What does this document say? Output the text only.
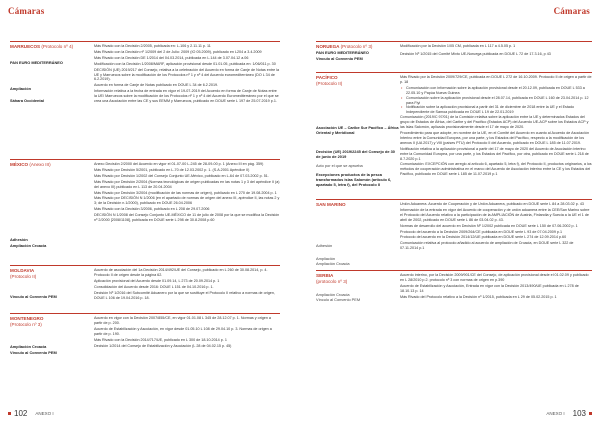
Cámaras	Cámaras
MARRUECOS (Protocolo nº 4)
PAN EURO MEDITERRÁNEO
Ampliación
Sáhara Occidental
Más Rivado con la Decisión 2/2005, publicada en: L-106 y 2.11.11 p. 11
Más Rivado con la Decisión nº 1/2009 del 2 de Julio: 2009 (IO 05.2009), publicado en L204 a 3.4.2009
Más Rivado con la Decisión DE 1/2014 del 04.03.2014, publicada en L.144 de 3.07.04.12 a.06
Modificación con la Decisión 1/2008/MARF, aplicación provisional desde 01.01.05, publicada en: 1/06/011 p. 30
DECISIÓN (UE) 2019/217 del Consejo, relativa a la celebración del Acuerdo en forma de Canje de Notas entre la UE y Marruecos sobre la modificación de los Protocolos nº 1 y nº 4 del Acuerdo euromediterráneo (DO L 34 de 6.2.2019).
Acuerdo en forma de Canje de Notas publicado en DOUE L 34 de 6.2.2019.
Información relativa a la fecha de entrada en vigor el 19-07-2019 del Acuerdo en forma de Canje de Notas entre la UE/ Marruecos sobre la modificación de los Protocolos nº 1 y nº 4 del Acuerdo Euromediterráneo por el que se crea una Asociación entre las CE y sus EEMM y Marruecos, publicado en DOUE serie L 197 de 25.07.2019 p.1.
MÉXICO (Anexo III)
Adhesión
Ampliación Croacia
Anexo Decisión 2/2000 del Acuerdo en vigor el 01-07-00 L-245 de 28-09-00 p. 1 (Anexo III en pág. 359)
Más Rivado por Decisión 5/2001, publicado en L-70 de 12.03.2002 p. 1. (S.A.2001 Apéndice II)
Más Rivado por Decisión 1/2002 del Consejo Conjunto UE-México, publicado en L-64 de 07.03.2002 p. 51.
Más Rivado por Decisión 2/2004 (Normas tecnológicas de origen publicadas en las notas 1 y 3 del apéndice II (a) del anexo III) publicado en L 113 de 20.04.2004
Más Rivado por Decisión 3/2004 (modificación de las normas de origen), publicado en L 270 de 19.08.2004 p. 1
Más Rivado por DECISIÓN N 1/2006 (en el apartado de normas de origen del anexo III, apéndice II, las notas 2 y 3; de la Decisión n.1/2000), publicado en DOUE 26.04.2006
Más Rivado con la Decisión 3/2006, publicado en L 208 de 29.07.2006
DECISIÓN N 1/2008 del Consejo Conjunto UE-MÉXICO de 11 de julio de 2008 por la que se modifica la Decisión nº 2/2000 [2008/1108], publicada en DOUE serie L 298 de 30.8.2008 p.60
MOLDAVIA
(Protocolo II)
Vínculo al Convenio PEM
Acuerdo de asociación del 1a Decisión 2014/492/UE del Consejo, publicado en L 260 de 30.08.2014, p. 4. Protocolo II de origen desde la página 62.
Aplicación provisional del Acuerdo desde 01.09.14, L 273 de 20.09.2014 p. 1
Consolidación del Acuerdo desde 2016: DOUE L 151 de 04.10.2016 p. 1.
Decisión Nº 1/2016 del Subcomité Aduanero por la que se sustituye el Protocolo II relativo a normas de origen, DOUE L 106 de 19.04.2016 p. 18.
MONTENEGRO
(Protocolo nº 3)
Ampliación Croacia
Vínculo al Convenio PEM
Acuerdo en vigor con la Decisión 2007/855/CE, en vigor 01.01.08 L 345 de 28.12.07 p. 1. Normas y origen a partir de p. 200.
Acuerdo de Estabilización y Asociación, en vigor desde 01.05.10 L 108 de 29.04.10 p. 3. Normas de origen a partir de p. 190.
Más Rivado con la Decisión 2014/717/UE, publicado en L 300 de 18.10.2014 p. 1
Decisión 1/2014 del Consejo de Estabilización y Asociación (L 28 de 04.02.15 p. 45)
NORUEGA (Protocolo nº 3)
PAN EURO MEDITERRÁNEO
Vínculo al Convenio PEM
Modificación por la Decisión 1/05 CM, publicada en L 117 a 4.5.05 p. 1
Decisión Nº 1/2015 del Comité Mixto UE-Noruega publicada en DOUE L 72 de 17.3.16, p 43
PACÍFICO
(Protocolo II)
Asociación UE – Caribe Sur Pacífico – África Oriental y Meridional
Decisión (UE) 2019/2245 del Consejo de 30 de junio de 2019
Acto por el que se aprueba
Excepciones productos de la pesca transformados islas Salomón (artículo 6, apartado 5, letra f), del Protocolo II
Más Rivado por la Decisión 2009/729/CE, publicada en DOUE L 272 de 16.10.2009. Protocolo II de origen a partir de p. 18
• Comunicación con información sobre la aplicación provisional desde el 20.12.09, publicada en DOUE L 533 a 22.05.10 y Papúa Nueva Guinea
• Comunicación sobre la aplicación provisional desde el 28.07.14, publicada en DOUE L 160 de 23.04.2014 p. 12 para Fiyi
• Notificación sobre la aplicación provisional a partir del 31 de diciembre de 2018 entre la UE y el Estado Independiente de Samoa publicada en DOUE L 19 de 22.01.2019
Comunicación (2019/C 97/01) de la Comisión relativa sobre la aplicación entre la UE y determinados Estados del grupo de Estados de África, del Caribe y del Pacífico (Estados ACP) del Acuerdo UE-ACP sobre los Estados ACP y las Islas Salomón, aplicada provisionalmente desde el 17 de mayo de 2020.
Procedimiento para que adopte, en nombre de la UE, en el Comité del Acuerdo en cuanto al Acuerdo de Asociación Interino entre la Comunidad Europea, por una parte, y los Estados del Pacífico, respecto a la modificación de los anexos II (UA 2017) y VIII (países PTU) del Protocolo II del Acuerdo, publicado en DOUE L 185 de 11.07.2019.
Notificación relativa a la aplicación provisional a partir del 17 de mayo de 2020 del Acuerdo de Asociación interino entre la Comunidad Europea, por una parte, y los Estados del Pacífico, por otra, publicado en DOUE serie L 218 de 8.7.2020 p.1
Comunicación: EXCEPCIÓN con arreglo al artículo 6, apartado 5, letra f), del Protocolo II, productos originarios, a los métodos de cooperación administrativa en el marco del Acuerdo de Asociación interino entre la CE y los Estados del Pacífico, publicado en DOUE serie L 185 de 11.07.2019 p.1
SAN MARINO
Adhesión
Ampliación
Ampliación Croacia
Unión Aduanera. Acuerdo de Cooperación y de Unión Aduanera, publicado en DOUE serie L 84 a 28.03.02 p. 43
Información de la entrada en vigor del Acuerdo de cooperación y de unión aduanera entre la CEE/San Marino sobre el Protocolo del Acuerdo relativo a la participación de la AMPLIACIÓN de Austria, Finlandia y Suecia a la UE el 1 de abril de 2002, publicado en DOUE serie L 86 de 03.04.02 p. 43.
Normas de desarrollo del acuerdo en Decisión Nº 1/2002 publicada en DOUE serie L 150 de 07.06.2002 p. 1
Protocolo del acuerdo a la Decisión 2009/264/CE publicada en DOUE serie L 93 de 07.04.2009 p.1
Protocolo del acuerdo en la Decisión 2014/12/UE publicada en DOUE serie L 274 de 12.09.2014 p.60
Comunicación relativa al protocolo añadido al acuerdo de ampliación de Croacia, en DOUE serie L 322 de 07.11.2014 p.1
SERBIA
(protocolo nº 3)
Ampliación Croacia
Vínculo al Convenio PEM
Acuerdo interino, por la Decisión 2009/901/CE del Consejo, de aplicación provisional desde el 01.02.09 y publicado en L 28/2010 p.2. protocolo nº 3 con normas de origen en p.390
Acuerdo de Estabilización y Asociación, Entrada en vigor con la Decisión 2013/490/UE publicada en L 278 de 18.10.13 p. 14
Más Rivado del Protocolo relativo a la Decisión nº 1/2015, publicada en L 29 de 05.02.2015 p. 1
102 ANEXO I	ANEXO I 103
